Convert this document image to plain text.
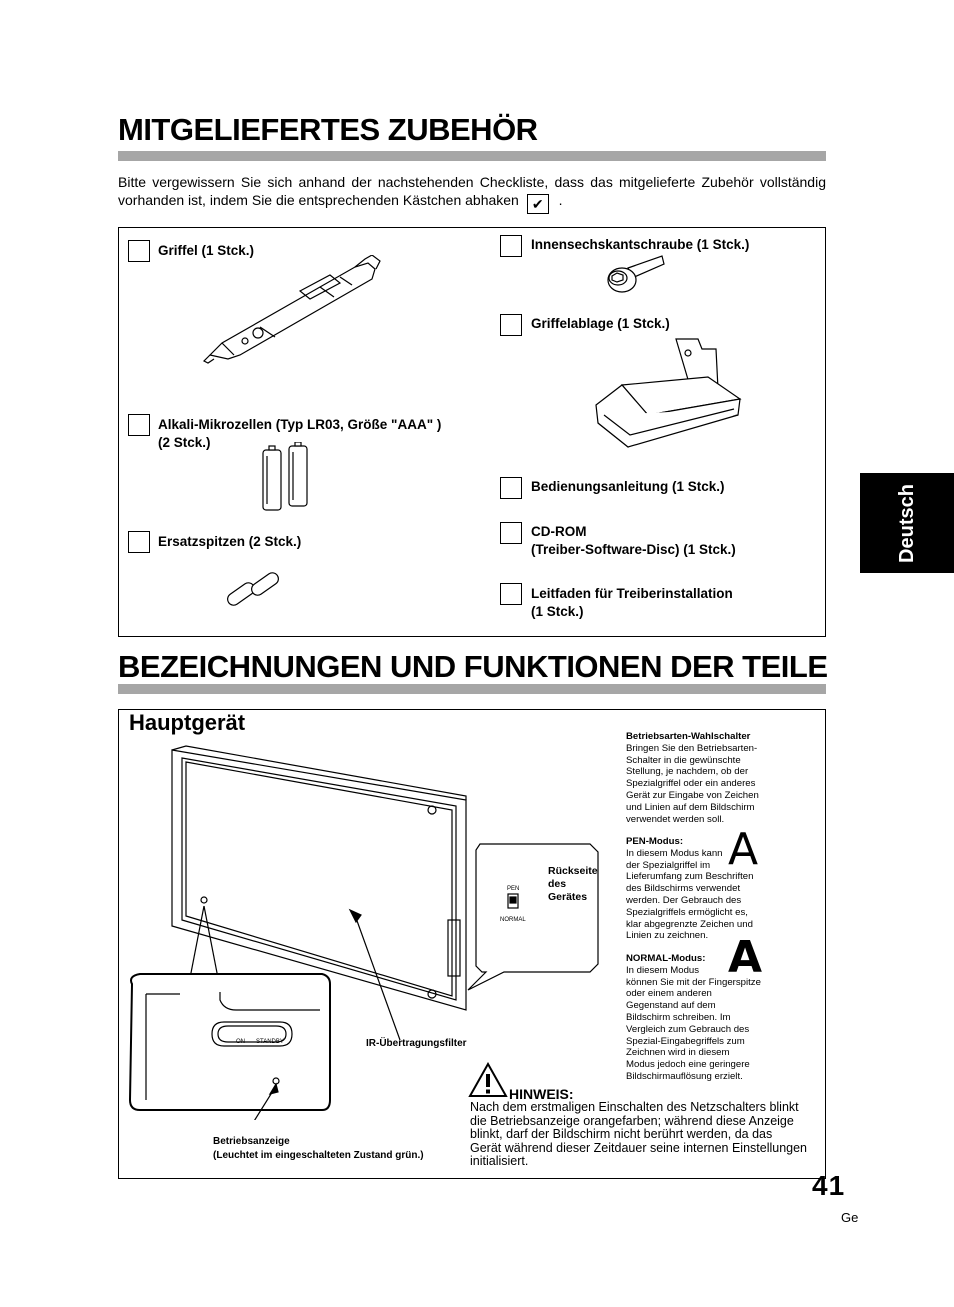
MITGELIEFERTES ZUBEHÖR
Bitte vergewissern Sie sich anhand der nachstehenden Checkliste, dass das mitgelieferte Zubehör vollständig vorhanden ist, indem Sie die entsprechenden Kästchen abhaken ✔ .
Griffel (1 Stck.)
Alkali-Mikrozellen (Typ LR03, Größe "AAA" )
(2 Stck.)
Ersatzspitzen (2 Stck.)
Innensechskantschraube (1 Stck.)
Griffelablage (1 Stck.)
Bedienungsanleitung (1 Stck.)
CD-ROM
(Treiber-Software-Disc) (1 Stck.)
Leitfaden für Treiberinstallation
(1 Stck.)
BEZEICHNUNGEN UND FUNKTIONEN DER TEILE
Hauptgerät
PEN
NORMAL
Rückseite
des
Gerätes
ON STANDBY	IR-Übertragungsfilter
Betriebsanzeige
(Leuchtet im eingeschalteten Zustand grün.)
Betriebsarten-Wahlschalter
Bringen Sie den Betriebsarten-
Schalter in die gewünschte
Stellung, je nachdem, ob der
Spezialgriffel oder ein anderes
Gerät zur Eingabe von Zeichen
und Linien auf dem Bildschirm
verwendet werden soll.
PEN-Modus:
In diesem Modus kann
der Spezialgriffel im
Lieferumfang zum Beschriften
des Bildschirms verwendet
werden. Der Gebrauch des
Spezialgriffels ermöglicht es,
klar abgegrenzte Zeichen und
Linien zu zeichnen.
A
NORMAL-Modus:
In diesem Modus
können Sie mit der Fingerspitze
oder einem anderen
Gegenstand auf dem
Bildschirm schreiben. Im
Vergleich zum Gebrauch des
Spezial-Eingabegriffels zum
Zeichnen wird in diesem
Modus jedoch eine geringere
Bildschirmauflösung erzielt.
A
HINWEIS:
Nach dem erstmaligen Einschalten des Netzschalters blinkt
die Betriebsanzeige orangefarben; während diese Anzeige
blinkt, darf der Bildschirm nicht berührt werden, da das
Gerät während dieser Zeitdauer seine internen Einstellungen
initialisiert.
Deutsch
41
Ge
